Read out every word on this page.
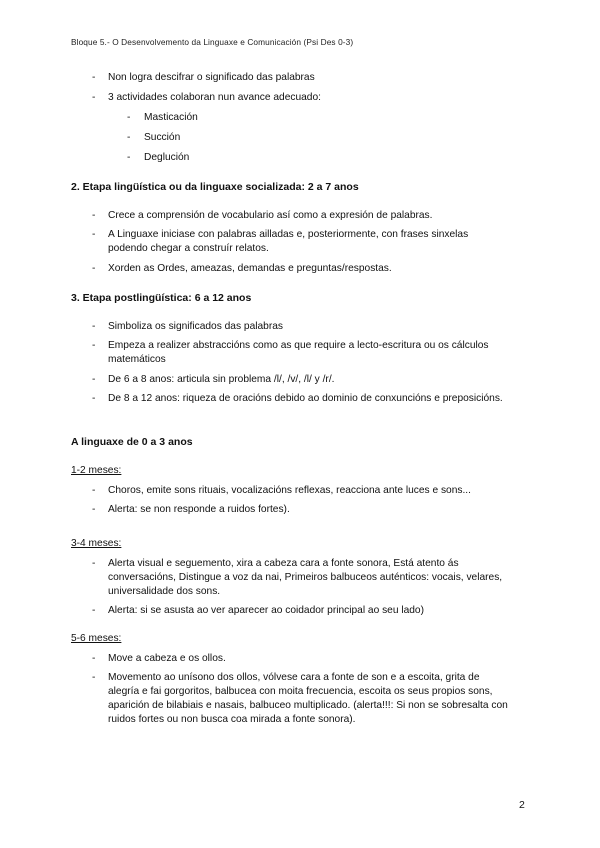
Bloque 5.- O Desenvolvemento da Linguaxe e Comunicación (Psi Des 0-3)
- Non logra descifrar o significado das palabras
- 3 actividades colaboran nun avance adecuado:
- Masticación
- Succión
- Deglución
2. Etapa lingüística ou da linguaxe socializada: 2 a 7 anos
- Crece a comprensión de vocabulario así como a expresión de palabras.
- A Linguaxe iniciase con palabras ailladas e, posteriormente, con frases sinxelas podendo chegar a construír relatos.
- Xorden as Ordes, ameazas, demandas e preguntas/respostas.
3. Etapa postlingüística: 6 a 12 anos
- Simboliza os significados das palabras
- Empeza a realizer abstraccións como as que require a lecto-escritura ou os cálculos matemáticos
- De 6 a 8 anos: articula sin problema /l/, /v/, /l/ y /r/.
- De 8 a 12 anos: riqueza de oracións debido ao dominio de conxuncións e preposicións.
A linguaxe de 0 a 3 anos
1-2 meses:
- Choros, emite sons rituais, vocalizacións reflexas, reacciona ante luces e sons...
- Alerta: se non responde a ruidos fortes).
3-4 meses:
- Alerta visual e seguemento, xira a cabeza cara a fonte sonora, Está atento ás conversacións, Distingue a voz da nai, Primeiros balbuceos auténticos: vocais, velares, universalidade dos sons.
- Alerta: si se asusta ao ver aparecer ao coidador principal ao seu lado)
5-6 meses:
- Move a cabeza e os ollos.
- Movemento ao unísono dos ollos, vólvese cara a fonte de son e a escoita, grita de alegría e fai gorgoritos, balbucea con moita frecuencia, escoita os seus propios sons, aparición de bilabiais e nasais, balbuceo multiplicado. (alerta!!!: Si non se sobresalta con ruidos fortes ou non busca coa mirada a fonte sonora).
2
